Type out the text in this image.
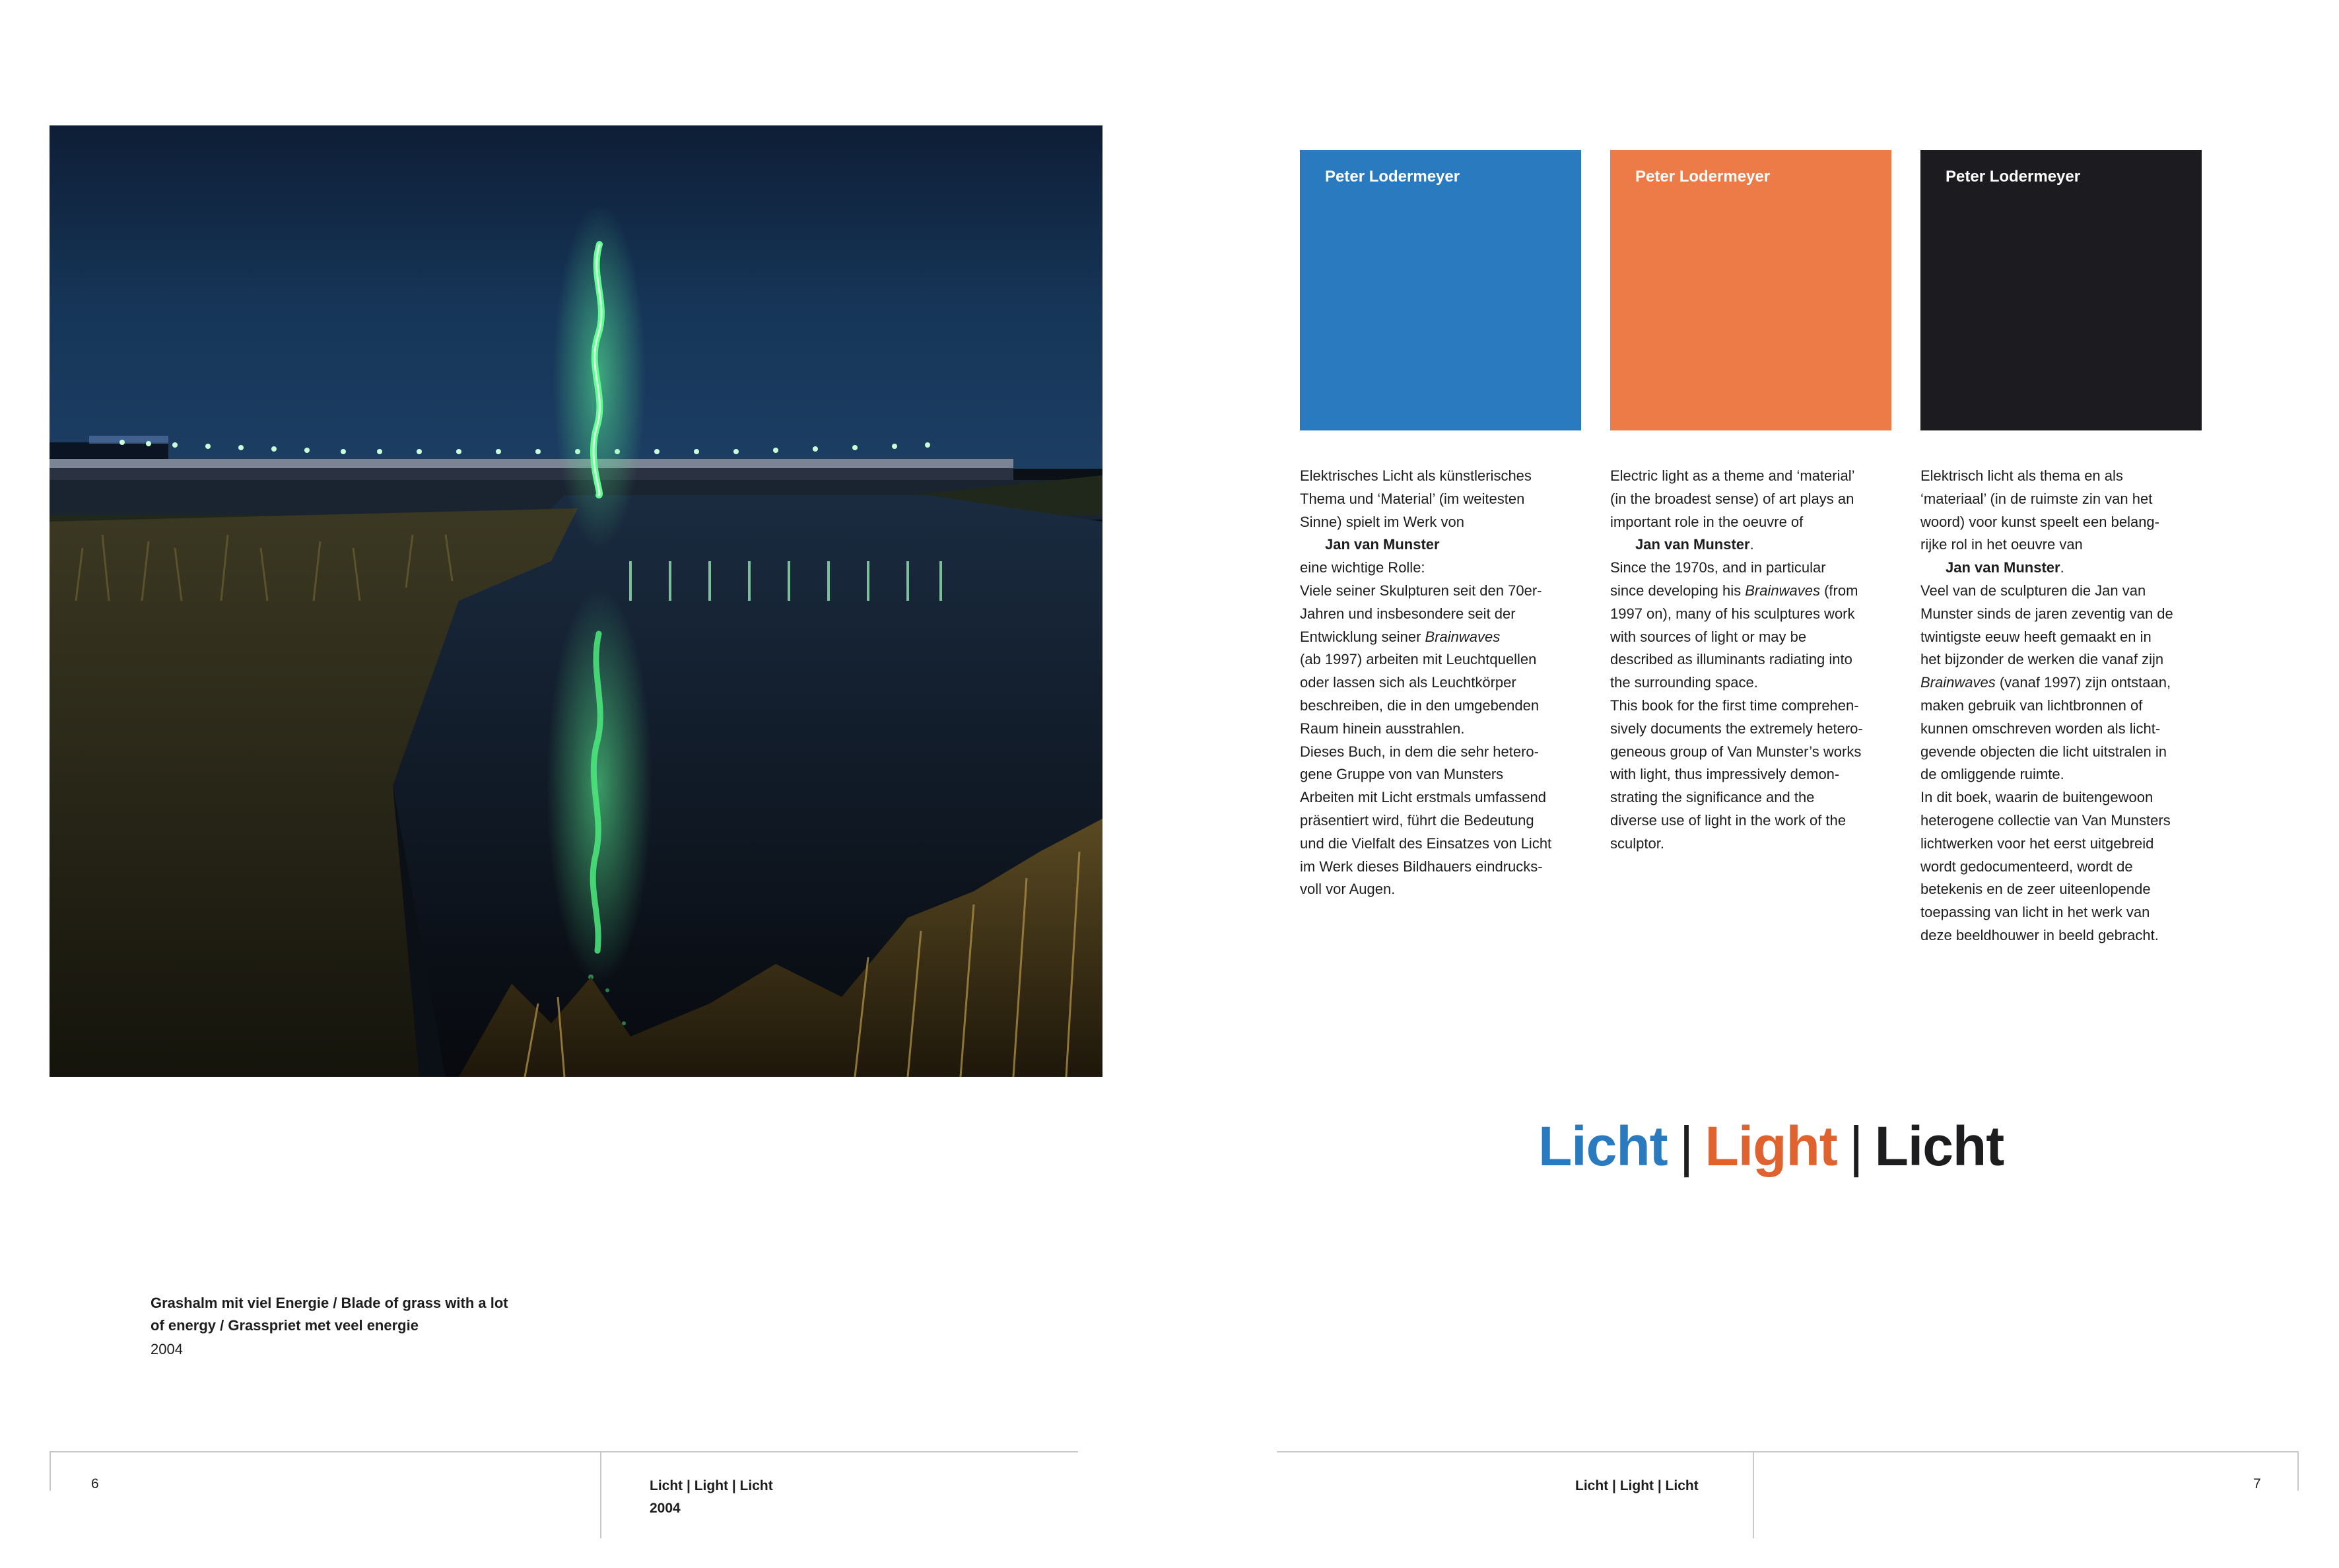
Grashalm mit viel Energie / Blade of grass with a lot
of energy / Grasspriet met veel energie
2004
6	Licht | Light | Licht
2004
Peter Lodermeyer	Peter Lodermeyer	Peter Lodermeyer

Elektrisches Licht als künstlerisches

Thema und ‘Material’ (im weitesten

Sinne) spielt im Werk von

Jan van Munster

eine wichtige Rolle:

Viele seiner Skulpturen seit den 70er-

Jahren und insbesondere seit der

Entwicklung seiner Brainwaves

(ab 1997) arbeiten mit Leuchtquellen

oder lassen sich als Leuchtkörper

beschreiben, die in den umgebenden

Raum hinein ausstrahlen.

Dieses Buch, in dem die sehr hetero-

gene Gruppe von van Munsters

Arbeiten mit Licht erstmals umfassend

präsentiert wird, führt die Bedeutung

und die Vielfalt des Einsatzes von Licht

im Werk dieses Bildhauers eindrucks-

voll vor Augen.

Electric light as a theme and ‘material’

(in the broadest sense) of art plays an

important role in the oeuvre of

Jan van Munster.

Since the 1970s, and in particular

since developing his Brainwaves (from

1997 on), many of his sculptures work

with sources of light or may be

described as illuminants radiating into

the surrounding space.

This book for the first time comprehen-

sively documents the extremely hetero-

geneous group of Van Munster’s works

with light, thus impressively demon-

strating the significance and the

diverse use of light in the work of the

sculptor.

Elektrisch licht als thema en als

‘materiaal’ (in de ruimste zin van het

woord) voor kunst speelt een belang-

rijke rol in het oeuvre van

Jan van Munster.

Veel van de sculpturen die Jan van

Munster sinds de jaren zeventig van de

twintigste eeuw heeft gemaakt en in

het bijzonder de werken die vanaf zijn

Brainwaves (vanaf 1997) zijn ontstaan,

maken gebruik van lichtbronnen of

kunnen omschreven worden als licht-

gevende objecten die licht uitstralen in

de omliggende ruimte.

In dit boek, waarin de buitengewoon

heterogene collectie van Van Munsters

lichtwerken voor het eerst uitgebreid

wordt gedocumenteerd, wordt de

betekenis en de zeer uiteenlopende

toepassing van licht in het werk van

deze beeldhouwer in beeld gebracht.

Licht | Light | Licht
Licht | Light | Licht	7
